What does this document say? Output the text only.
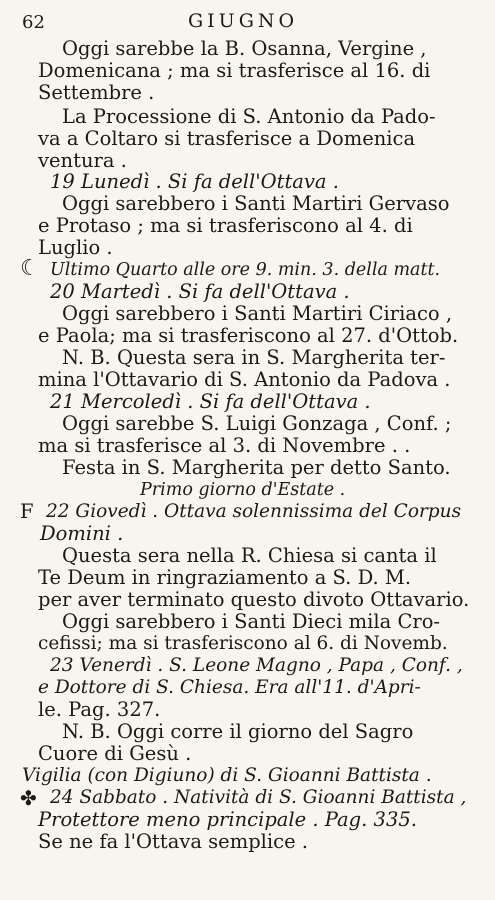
62	GIUGNO

Oggi sarebbe la B. Osanna, Vergine ,

Domenicana ; ma si trasferisce al 16. di

Settembre .

La Processione di S. Antonio da Pado-

va a Coltaro si trasferisce a Domenica

ventura .

19 Lunedì . Si fa dell'Ottava .

Oggi sarebbero i Santi Martiri Gervaso

e Protaso ; ma si trasferiscono al 4. di

Luglio .

☾ Ultimo Quarto alle ore 9. min. 3. della matt.

20 Martedì . Si fa dell'Ottava .

Oggi sarebbero i Santi Martiri Ciriaco ,

e Paola; ma si trasferiscono al 27. d'Ottob.

N. B. Questa sera in S. Margherita ter-

mina l'Ottavario di S. Antonio da Padova .

21 Mercoledì . Si fa dell'Ottava .

Oggi sarebbe S. Luigi Gonzaga , Conf. ;

ma si trasferisce al 3. di Novembre . .

Festa in S. Margherita per detto Santo.

Primo giorno d'Estate .

F 22 Giovedì . Ottava solennissima del Corpus

Domini .

Questa sera nella R. Chiesa si canta il

Te Deum in ringraziamento a S. D. M.

per aver terminato questo divoto Ottavario.

Oggi sarebbero i Santi Dieci mila Cro-

cefissi; ma si trasferiscono al 6. di Novemb.

23 Venerdì . S. Leone Magno , Papa , Conf. ,

e Dottore di S. Chiesa. Era all'11. d'Apri-

le. Pag. 327.

N. B. Oggi corre il giorno del Sagro

Cuore di Gesù .

Vigilia (con Digiuno) di S. Gioanni Battista .

✤ 24 Sabbato . Natività di S. Gioanni Battista ,

Protettore meno principale . Pag. 335.

Se ne fa l'Ottava semplice .
